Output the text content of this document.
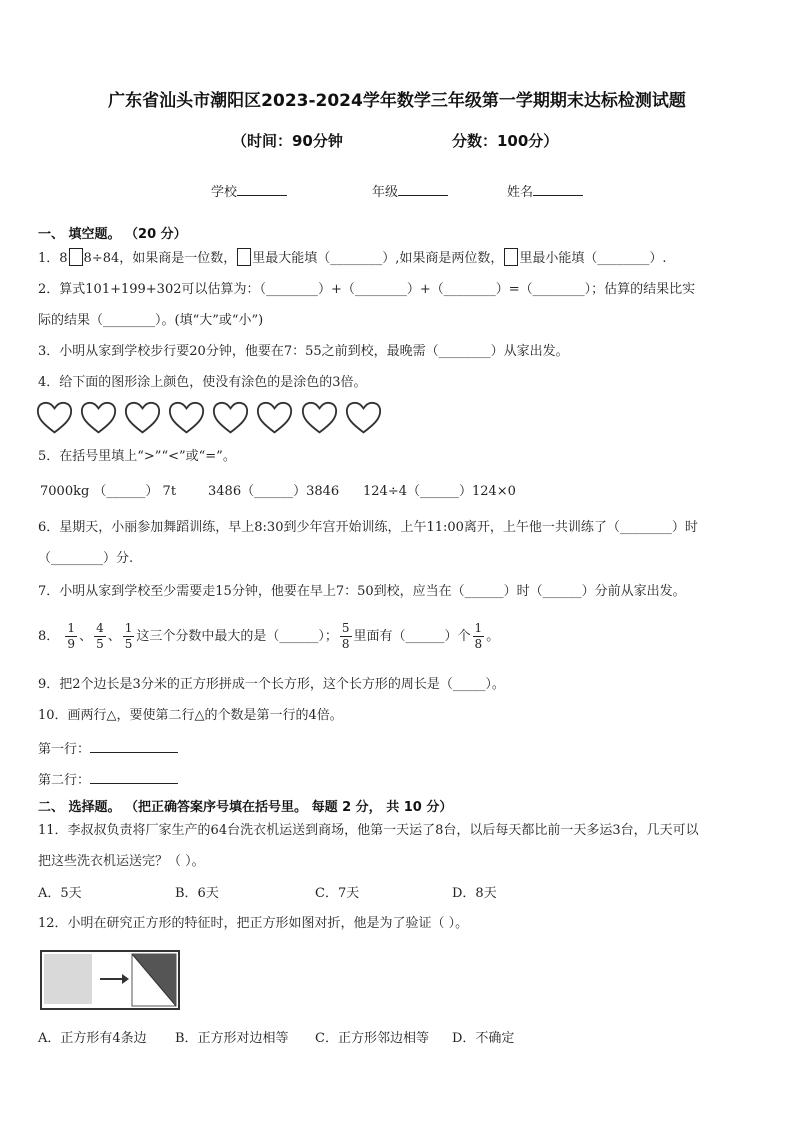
广东省汕头市潮阳区2023-2024学年数学三年级第一学期期末达标检测试题
（时间：90分钟	分数：100分）
学校	年级	姓名
一、 填空题。 （20 分）
1．8 8÷84，如果商是一位数， 里最大能填（________）,如果商是两位数， 里最小能填（________）.
2．算式101+199+302可以估算为：（________）+（________）+（________）=（________）；估算的结果比实
际的结果（________）。(填“大”或“小”)
3．小明从家到学校步行要20分钟，他要在7：55之前到校，最晚需（________）从家出发。
4．给下面的图形涂上颜色，使没有涂色的是涂色的3倍。

5．在括号里填上“>”“<”或“=”。
7000kg （______） 7t 3486（______）3846 124÷4（______）124×0
6．星期天，小丽参加舞蹈训练，早上8:30到少年宫开始训练，上午11:00离开，上午他一共训练了（________）时
（________）分.
7．小明从家到学校至少需要走15分钟，他要在早上7：50到校，应当在（______）时（______）分前从家出发。
8． $\frac{1}{9}$ 、 $\frac{4}{5}$ 、 $\frac{1}{5}$ 这三个分数中最大的是（______）； $\frac{5}{8}$ 里面有（______）个 $\frac{1}{8}$ 。
9．把2个边长是3分米的正方形拼成一个长方形，这个长方形的周长是（_____）。
10．画两行△，要使第二行△的个数是第一行的4倍。
第一行：
第二行：
二、 选择题。 （把正确答案序号填在括号里。 每题 2 分， 共 10 分）
11．李叔叔负责将厂家生产的64台洗衣机运送到商场，他第一天运了8台，以后每天都比前一天多运3台，几天可以
把这些洗衣机运送完？（ ）。
A．5天	B．6天	C．7天	D．8天
12．小明在研究正方形的特征时，把正方形如图对折，他是为了验证（ ）。
A．正方形有4条边 B．正方形对边相等 C．正方形邻边相等 D．不确定
